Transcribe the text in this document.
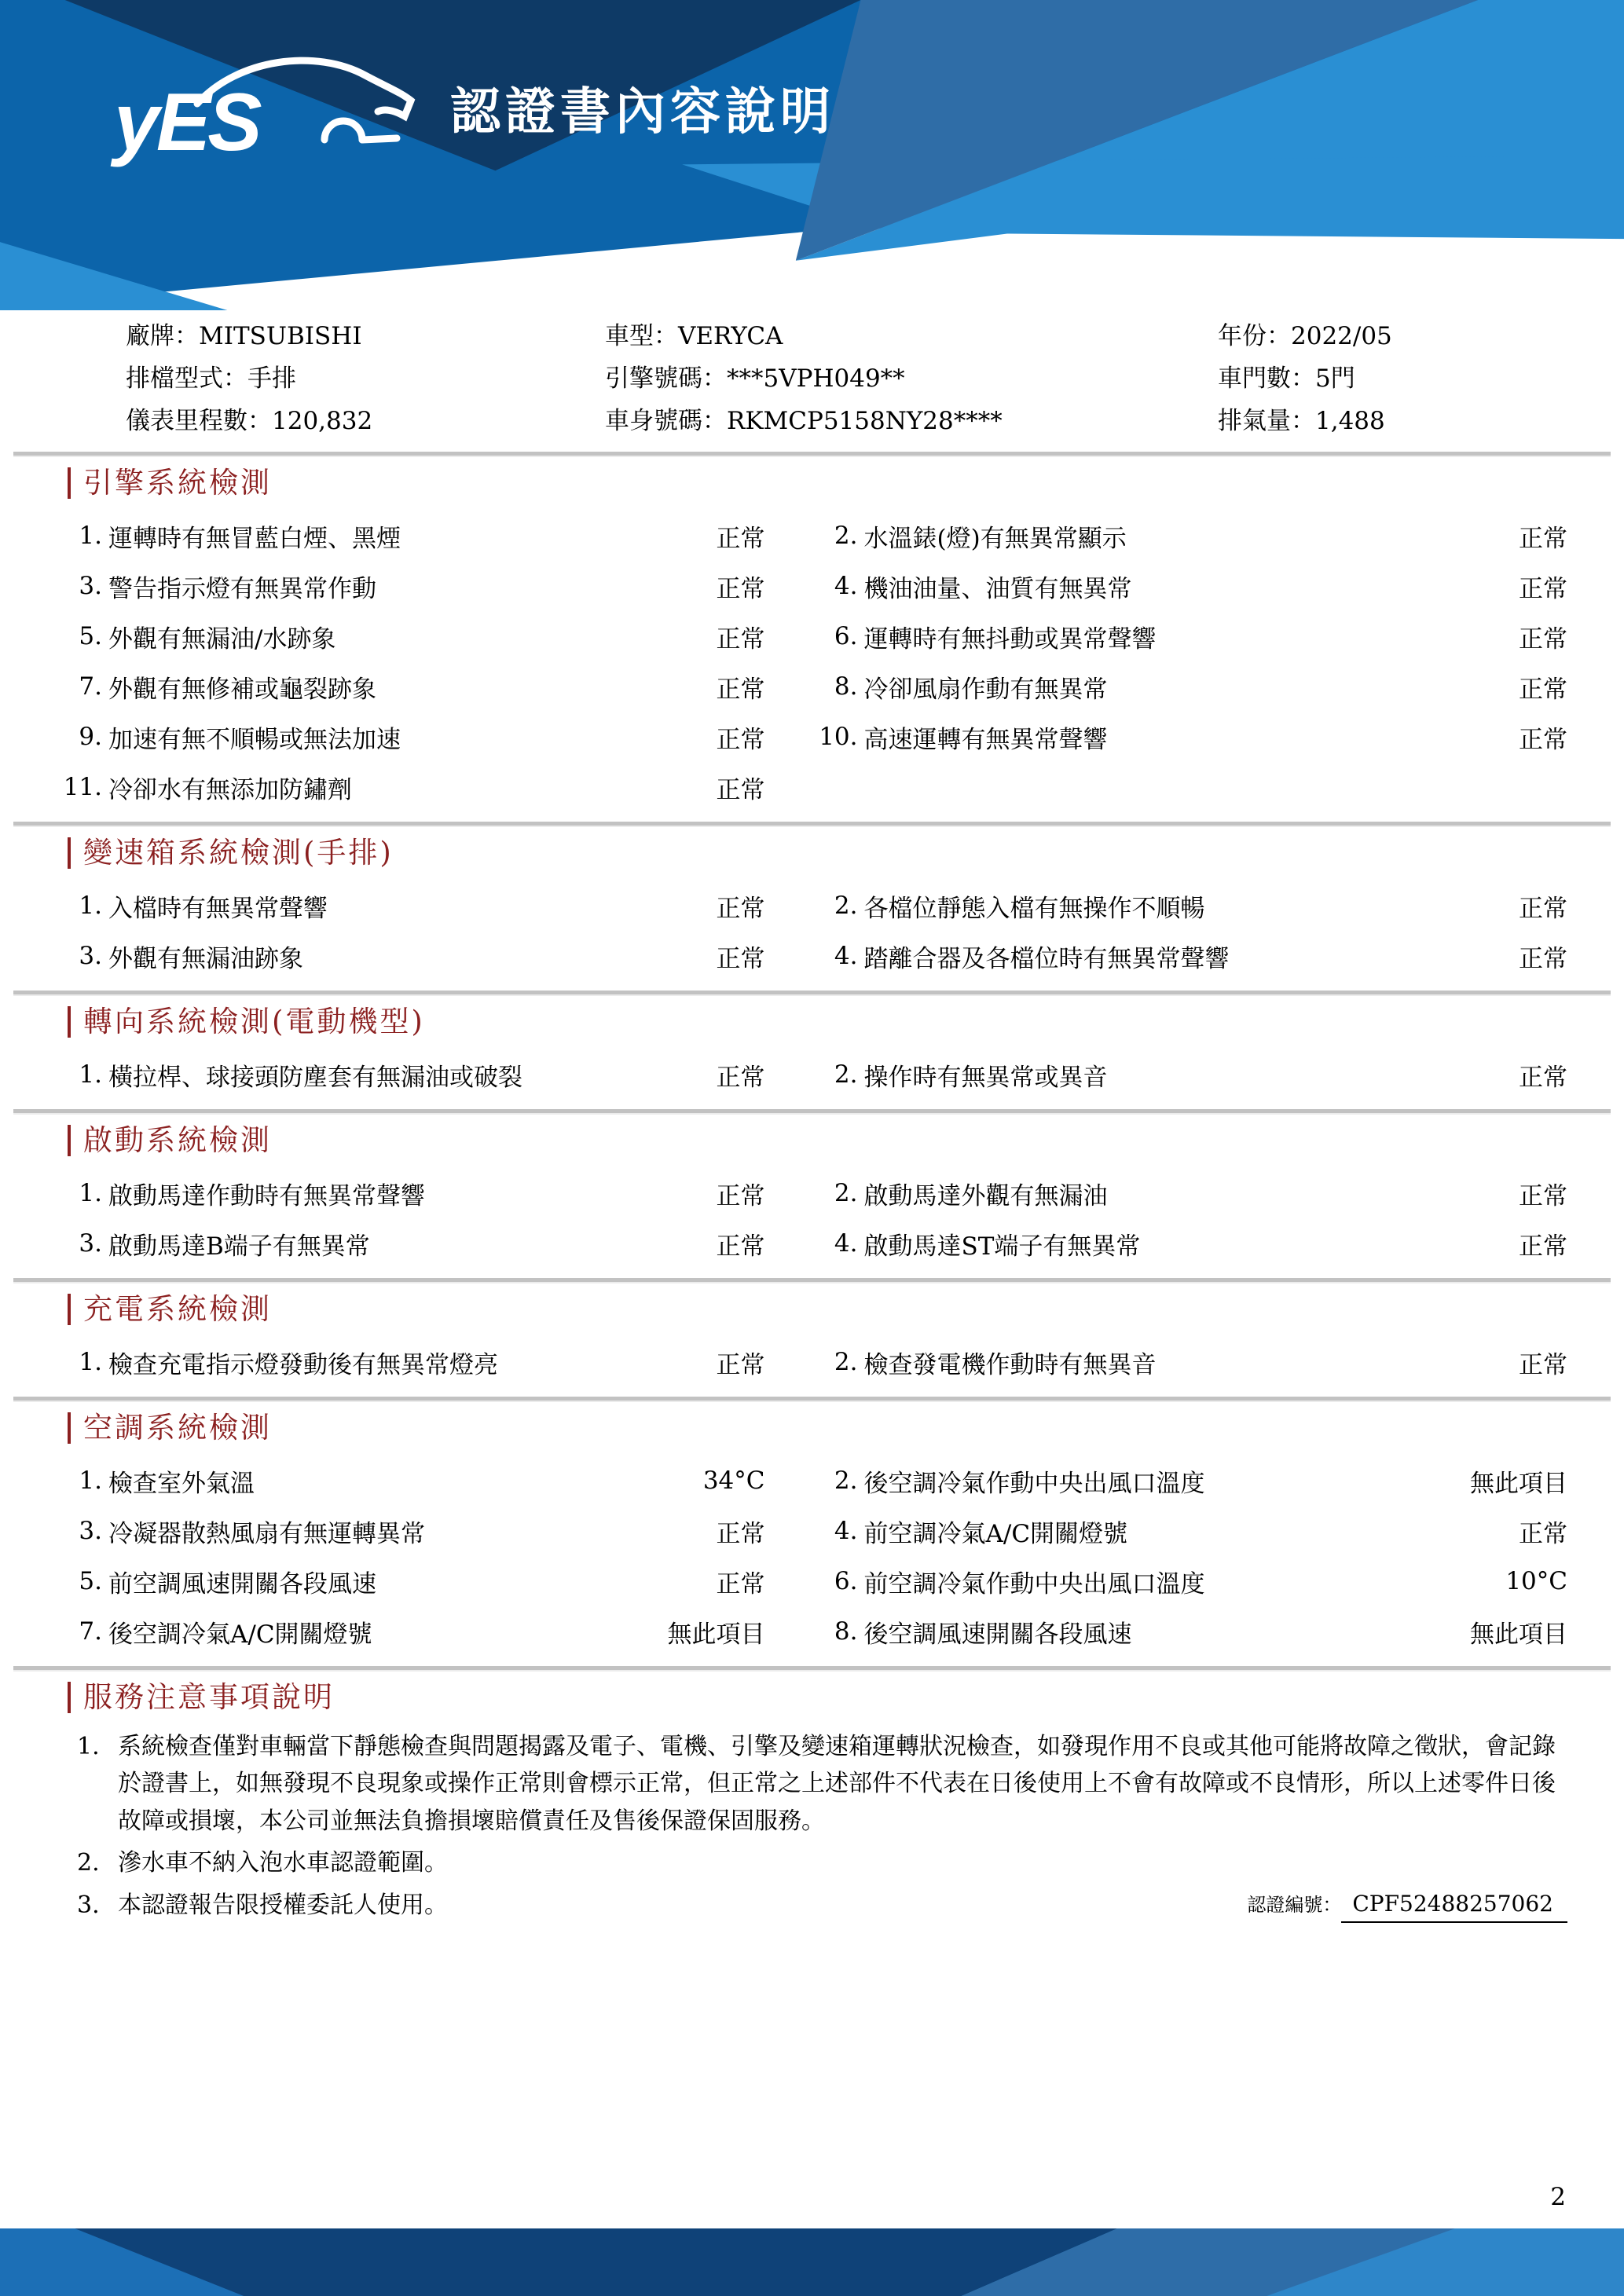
yES	認證書內容說明
廠牌：MITSUBISHI	車型：VERYCA	年份：2022/05
排檔型式：手排	引擎號碼：***5VPH049**	車門數：5門
儀表里程數：120,832	車身號碼：RKMCP5158NY28****	排氣量：1,488
引擎系統檢測
1. 運轉時有無冒藍白煙、黑煙	正常	2. 水溫錶(燈)有無異常顯示	正常
3. 警告指示燈有無異常作動	正常	4. 機油油量、油質有無異常	正常
5. 外觀有無漏油/水跡象	正常	6. 運轉時有無抖動或異常聲響	正常
7. 外觀有無修補或龜裂跡象	正常	8. 冷卻風扇作動有無異常	正常
9. 加速有無不順暢或無法加速	正常	10. 高速運轉有無異常聲響	正常
11. 冷卻水有無添加防鏽劑	正常
變速箱系統檢測(手排)
1. 入檔時有無異常聲響	正常	2. 各檔位靜態入檔有無操作不順暢	正常
3. 外觀有無漏油跡象	正常	4. 踏離合器及各檔位時有無異常聲響	正常
轉向系統檢測(電動機型)
1. 橫拉桿、球接頭防塵套有無漏油或破裂	正常	2. 操作時有無異常或異音	正常
啟動系統檢測
1. 啟動馬達作動時有無異常聲響	正常	2. 啟動馬達外觀有無漏油	正常
3. 啟動馬達B端子有無異常	正常	4. 啟動馬達ST端子有無異常	正常
充電系統檢測
1. 檢查充電指示燈發動後有無異常燈亮	正常	2. 檢查發電機作動時有無異音	正常
空調系統檢測
1. 檢查室外氣溫	34°C	2. 後空調冷氣作動中央出風口溫度	無此項目
3. 冷凝器散熱風扇有無運轉異常	正常	4. 前空調冷氣A/C開關燈號	正常
5. 前空調風速開關各段風速	正常	6. 前空調冷氣作動中央出風口溫度	10°C
7. 後空調冷氣A/C開關燈號	無此項目	8. 後空調風速開關各段風速	無此項目
服務注意事項說明
1. 系統檢查僅對車輛當下靜態檢查與問題揭露及電子、電機、引擎及變速箱運轉狀況檢查，如發現作用不良或其他可能將故障之徵狀，會記錄於證書上，如無發現不良現象或操作正常則會標示正常，但正常之上述部件不代表在日後使用上不會有故障或不良情形，所以上述零件日後故障或損壞，本公司並無法負擔損壞賠償責任及售後保證保固服務。
2. 滲水車不納入泡水車認證範圍。
3. 本認證報告限授權委託人使用。	認證編號： CPF52488257062
2
